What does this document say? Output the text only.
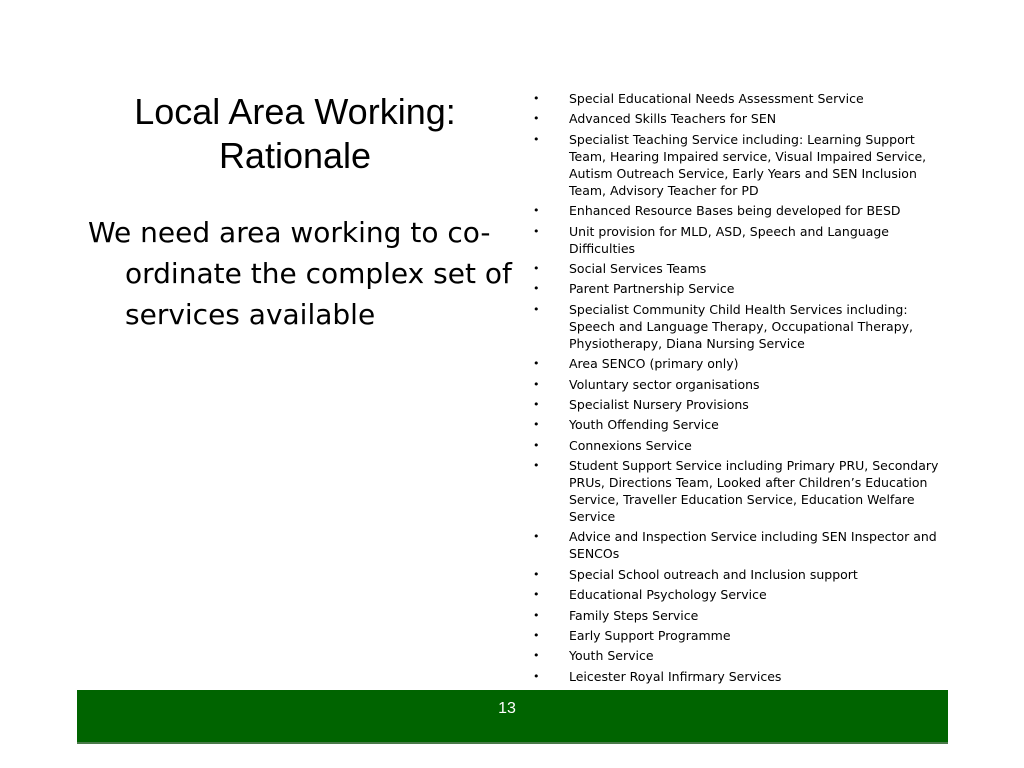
Local Area Working:
Rationale
We need area working to co-ordinate the complex set of services available
• Special Educational Needs Assessment Service
• Advanced Skills Teachers for SEN
• Specialist Teaching Service including: Learning Support Team, Hearing Impaired service, Visual Impaired Service, Autism Outreach Service, Early Years and SEN Inclusion Team, Advisory Teacher for PD
• Enhanced Resource Bases being developed for BESD
• Unit provision for MLD, ASD, Speech and Language Difficulties
• Social Services Teams
• Parent Partnership Service
• Specialist Community Child Health Services including: Speech and Language Therapy, Occupational Therapy, Physiotherapy, Diana Nursing Service
• Area SENCO (primary only)
• Voluntary sector organisations
• Specialist Nursery Provisions
• Youth Offending Service
• Connexions Service
• Student Support Service including Primary PRU, Secondary PRUs, Directions Team, Looked after Children’s Education Service, Traveller Education Service, Education Welfare Service
• Advice and Inspection Service including SEN Inspector and SENCOs
• Special School outreach and Inclusion support
• Educational Psychology Service
• Family Steps Service
• Early Support Programme
• Youth Service
• Leicester Royal Infirmary Services
13
